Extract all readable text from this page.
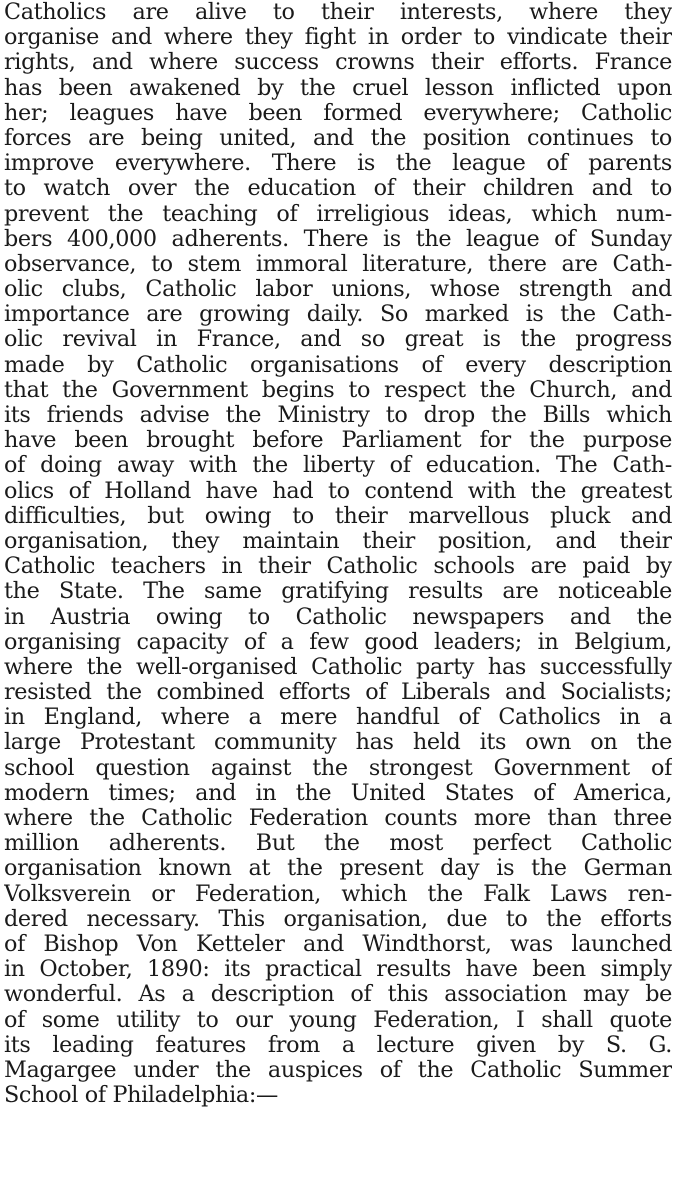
Catholics are alive to their interests, where they
organise and where they fight in order to vindicate their
rights, and where success crowns their efforts. France
has been awakened by the cruel lesson inflicted upon
her; leagues have been formed everywhere; Catholic
forces are being united, and the position continues to
improve everywhere. There is the league of parents
to watch over the education of their children and to
prevent the teaching of irreligious ideas, which num-
bers 400,000 adherents. There is the league of Sunday
observance, to stem immoral literature, there are Cath-
olic clubs, Catholic labor unions, whose strength and
importance are growing daily. So marked is the Cath-
olic revival in France, and so great is the progress
made by Catholic organisations of every description
that the Government begins to respect the Church, and
its friends advise the Ministry to drop the Bills which
have been brought before Parliament for the purpose
of doing away with the liberty of education. The Cath-
olics of Holland have had to contend with the greatest
difficulties, but owing to their marvellous pluck and
organisation, they maintain their position, and their
Catholic teachers in their Catholic schools are paid by
the State. The same gratifying results are noticeable
in Austria owing to Catholic newspapers and the
organising capacity of a few good leaders; in Belgium,
where the well-organised Catholic party has successfully
resisted the combined efforts of Liberals and Socialists;
in England, where a mere handful of Catholics in a
large Protestant community has held its own on the
school question against the strongest Government of
modern times; and in the United States of America,
where the Catholic Federation counts more than three
million adherents. But the most perfect Catholic
organisation known at the present day is the German
Volksverein or Federation, which the Falk Laws ren-
dered necessary. This organisation, due to the efforts
of Bishop Von Ketteler and Windthorst, was launched
in October, 1890: its practical results have been simply
wonderful. As a description of this association may be
of some utility to our young Federation, I shall quote
its leading features from a lecture given by S. G.
Magargee under the auspices of the Catholic Summer
School of Philadelphia:—
